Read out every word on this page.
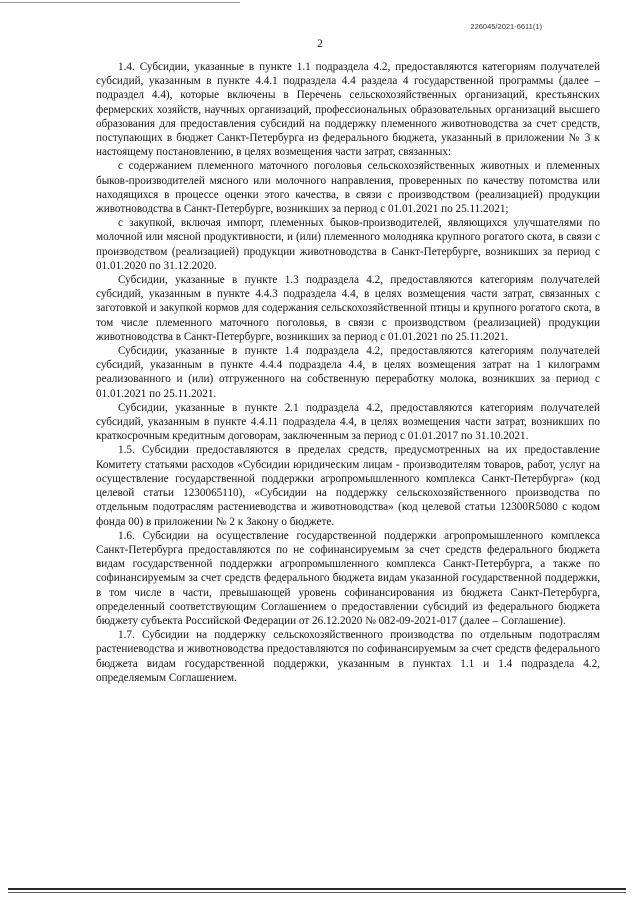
226045/2021-6611(1)
2

1.4. Субсидии, указанные в пункте 1.1 подраздела 4.2, предоставляются категориям получателей субсидий, указанным в пункте 4.4.1 подраздела 4.4 раздела 4 государственной программы (далее – подраздел 4.4), которые включены в Перечень сельскохозяйственных организаций, крестьянских фермерских хозяйств, научных организаций, профессиональных образовательных организаций высшего образования для предоставления субсидий на поддержку племенного животноводства за счет средств, поступающих в бюджет Санкт-Петербурга из федерального бюджета, указанный в приложении № 3 к настоящему постановлению, в целях возмещения части затрат, связанных:

с содержанием племенного маточного поголовья сельскохозяйственных животных и племенных быков-производителей мясного или молочного направления, проверенных по качеству потомства или находящихся в процессе оценки этого качества, в связи с производством (реализацией) продукции животноводства в Санкт-Петербурге, возникших за период с 01.01.2021 по 25.11.2021;

с закупкой, включая импорт, племенных быков-производителей, являющихся улучшателями по молочной или мясной продуктивности, и (или) племенного молодняка крупного рогатого скота, в связи с производством (реализацией) продукции животноводства в Санкт-Петербурге, возникших за период с 01.01.2020 по 31.12.2020.

Субсидии, указанные в пункте 1.3 подраздела 4.2, предоставляются категориям получателей субсидий, указанным в пункте 4.4.3 подраздела 4.4, в целях возмещения части затрат, связанных с заготовкой и закупкой кормов для содержания сельскохозяйственной птицы и крупного рогатого скота, в том числе племенного маточного поголовья, в связи с производством (реализацией) продукции животноводства в Санкт-Петербурге, возникших за период с 01.01.2021 по 25.11.2021.

Субсидии, указанные в пункте 1.4 подраздела 4.2, предоставляются категориям получателей субсидий, указанным в пункте 4.4.4 подраздела 4.4, в целях возмещения затрат на 1 килограмм реализованного и (или) отгруженного на собственную переработку молока, возникших за период с 01.01.2021 по 25.11.2021.

Субсидии, указанные в пункте 2.1 подраздела 4.2, предоставляются категориям получателей субсидий, указанным в пункте 4.4.11 подраздела 4.4, в целях возмещения части затрат, возникших по краткосрочным кредитным договорам, заключенным за период с 01.01.2017 по 31.10.2021.

1.5. Субсидии предоставляются в пределах средств, предусмотренных на их предоставление Комитету статьями расходов «Субсидии юридическим лицам - производителям товаров, работ, услуг на осуществление государственной поддержки агропромышленного комплекса Санкт-Петербурга» (код целевой статьи 1230065110), «Субсидии на поддержку сельскохозяйственного производства по отдельным подотраслям растениеводства и животноводства» (код целевой статьи 12300R5080 с кодом фонда 00) в приложении № 2 к Закону о бюджете.

1.6. Субсидии на осуществление государственной поддержки агропромышленного комплекса Санкт-Петербурга предоставляются по не софинансируемым за счет средств федерального бюджета видам государственной поддержки агропромышленного комплекса Санкт-Петербурга, а также по софинансируемым за счет средств федерального бюджета видам указанной государственной поддержки, в том числе в части, превышающей уровень софинансирования из бюджета Санкт-Петербурга, определенный соответствующим Соглашением о предоставлении субсидий из федерального бюджета бюджету субъекта Российской Федерации от 26.12.2020 № 082-09-2021-017 (далее – Соглашение).

1.7. Субсидии на поддержку сельскохозяйственного производства по отдельным подотраслям растениеводства и животноводства предоставляются по софинансируемым за счет средств федерального бюджета видам государственной поддержки, указанным в пунктах 1.1 и 1.4 подраздела 4.2, определяемым Соглашением.
